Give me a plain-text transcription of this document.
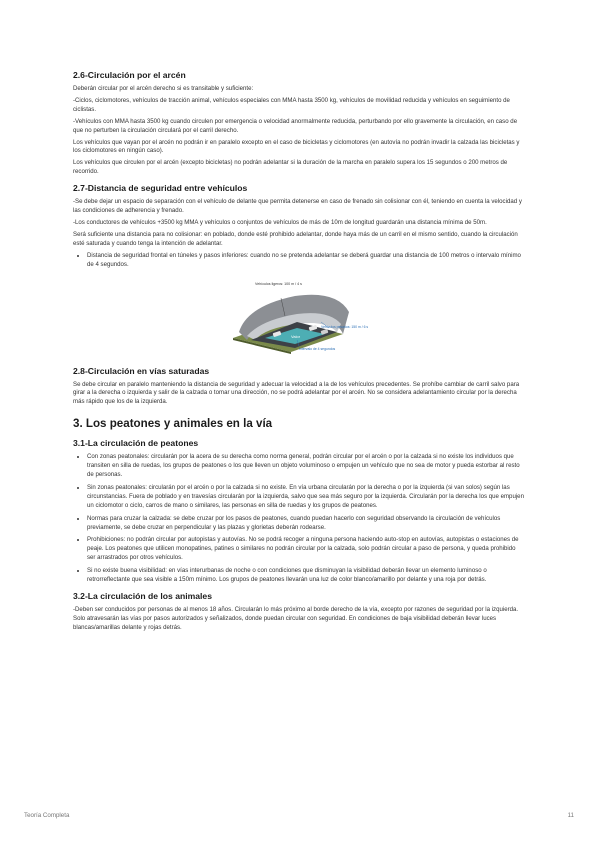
2.6-Circulación por el arcén

Deberán circular por el arcén derecho si es transitable y suficiente:

-Ciclos, ciclomotores, vehículos de tracción animal, vehículos especiales con MMA hasta 3500 kg, vehículos de movilidad reducida y vehículos en seguimiento de ciclistas.

-Vehículos con MMA hasta 3500 kg cuando circulen por emergencia o velocidad anormalmente reducida, perturbando por ello gravemente la circulación, en caso de que no perturben la circulación circulará por el carril derecho.

Los vehículos que vayan por el arcén no podrán ir en paralelo excepto en el caso de bicicletas y ciclomotores (en autovía no podrán invadir la calzada las bicicletas y los ciclomotores en ningún caso).

Los vehículos que circulen por el arcén (excepto bicicletas) no podrán adelantar si la duración de la marcha en paralelo supera los 15 segundos o 200 metros de recorrido.

2.7-Distancia de seguridad entre vehículos

-Se debe dejar un espacio de separación con el vehículo de delante que permita detenerse en caso de frenado sin colisionar con él, teniendo en cuenta la velocidad y las condiciones de adherencia y frenado.

-Los conductores de vehículos +3500 kg MMA y vehículos o conjuntos de vehículos de más de 10m de longitud guardarán una distancia mínima de 50m.

Será suficiente una distancia para no colisionar: en poblado, donde esté prohibido adelantar, donde haya más de un carril en el mismo sentido, cuando la circulación esté saturada y cuando tenga la intención de adelantar.

• Distancia de seguridad frontal en túneles y pasos inferiores: cuando no se pretenda adelantar se deberá guardar una distancia de 100 metros o intervalo mínimo de 4 segundos.
Valor
Vehículos ligeros: 100 m / 4 s
Vehículos pesados: 150 m / 6 s
Intervalo de 4 segundos
2.8-Circulación en vías saturadas

Se debe circular en paralelo manteniendo la distancia de seguridad y adecuar la velocidad a la de los vehículos precedentes. Se prohíbe cambiar de carril salvo para girar a la derecha o izquierda y salir de la calzada o tomar una dirección, no se podrá adelantar por el arcén. No se considera adelantamiento circular por la derecha más rápido que los de la izquierda.

3. Los peatones y animales en la vía
3.1-La circulación de peatones
• Con zonas peatonales: circularán por la acera de su derecha como norma general, podrán circular por el arcén o por la calzada si no existe los individuos que transiten en silla de ruedas, los grupos de peatones o los que lleven un objeto voluminoso o empujen un vehículo que no sea de motor y pueda estorbar al resto de personas.
• Sin zonas peatonales: circularán por el arcén o por la calzada si no existe. En vía urbana circularán por la derecha o por la izquierda (si van solos) según las circunstancias. Fuera de poblado y en travesías circularán por la izquierda, salvo que sea más seguro por la izquierda. Circularán por la derecha los que empujen un ciclomotor o ciclo, carros de mano o similares, las personas en silla de ruedas y los grupos de peatones.
• Normas para cruzar la calzada: se debe cruzar por los pasos de peatones, cuando puedan hacerlo con seguridad observando la circulación de vehículos previamente, se debe cruzar en perpendicular y las plazas y glorietas deberán rodearse.
• Prohibiciones: no podrán circular por autopistas y autovías. No se podrá recoger a ninguna persona haciendo auto-stop en autovías, autopistas o estaciones de peaje. Los peatones que utilicen monopatines, patines o similares no podrán circular por la calzada, solo podrán circular a paso de persona, y queda prohibido ser arrastrados por otros vehículos.
• Si no existe buena visibilidad: en vías interurbanas de noche o con condiciones que disminuyan la visibilidad deberán llevar un elemento luminoso o retrorreflectante que sea visible a 150m mínimo. Los grupos de peatones llevarán una luz de color blanco/amarillo por delante y una roja por detrás.
3.2-La circulación de los animales

-Deben ser conducidos por personas de al menos 18 años. Circularán lo más próximo al borde derecho de la vía, excepto por razones de seguridad por la izquierda. Solo atravesarán las vías por pasos autorizados y señalizados, donde puedan circular con seguridad. En condiciones de baja visibilidad deberán llevar luces blancas/amarillas delante y rojas detrás.

Teoría Completa	11
